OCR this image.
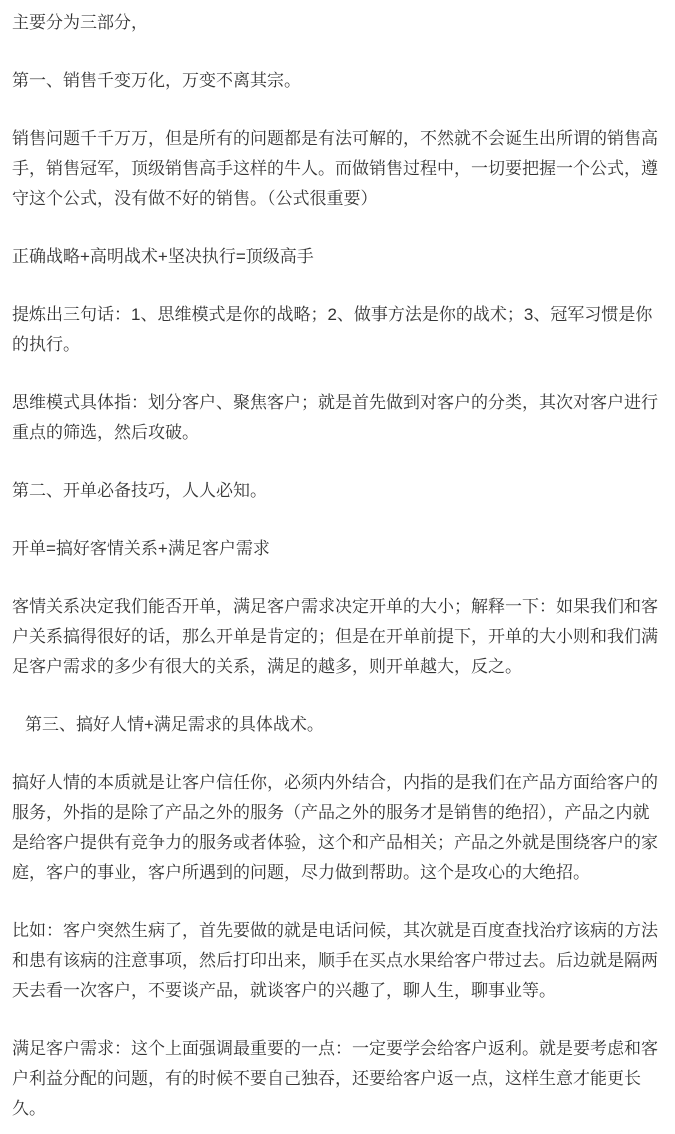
主要分为三部分，

第一、销售千变万化，万变不离其宗。

销售问题千千万万，但是所有的问题都是有法可解的，不然就不会诞生出所谓的销售高手，销售冠军，顶级销售高手这样的牛人。而做销售过程中，一切要把握一个公式，遵守这个公式，没有做不好的销售。（公式很重要）

正确战略+高明战术+坚决执行=顶级高手

提炼出三句话：1、思维模式是你的战略；2、做事方法是你的战术；3、冠军习惯是你的执行。

思维模式具体指：划分客户、聚焦客户；就是首先做到对客户的分类，其次对客户进行重点的筛选，然后攻破。

第二、开单必备技巧，人人必知。

开单=搞好客情关系+满足客户需求

客情关系决定我们能否开单，满足客户需求决定开单的大小；解释一下：如果我们和客户关系搞得很好的话，那么开单是肯定的；但是在开单前提下，开单的大小则和我们满足客户需求的多少有很大的关系，满足的越多，则开单越大，反之。

第三、搞好人情+满足需求的具体战术。

搞好人情的本质就是让客户信任你，必须内外结合，内指的是我们在产品方面给客户的服务，外指的是除了产品之外的服务（产品之外的服务才是销售的绝招），产品之内就是给客户提供有竞争力的服务或者体验，这个和产品相关；产品之外就是围绕客户的家庭，客户的事业，客户所遇到的问题，尽力做到帮助。这个是攻心的大绝招。

比如：客户突然生病了，首先要做的就是电话问候，其次就是百度查找治疗该病的方法和患有该病的注意事项，然后打印出来，顺手在买点水果给客户带过去。后边就是隔两天去看一次客户，不要谈产品，就谈客户的兴趣了，聊人生，聊事业等。

满足客户需求：这个上面强调最重要的一点：一定要学会给客户返利。就是要考虑和客户利益分配的问题，有的时候不要自己独吞，还要给客户返一点，这样生意才能更长久。
